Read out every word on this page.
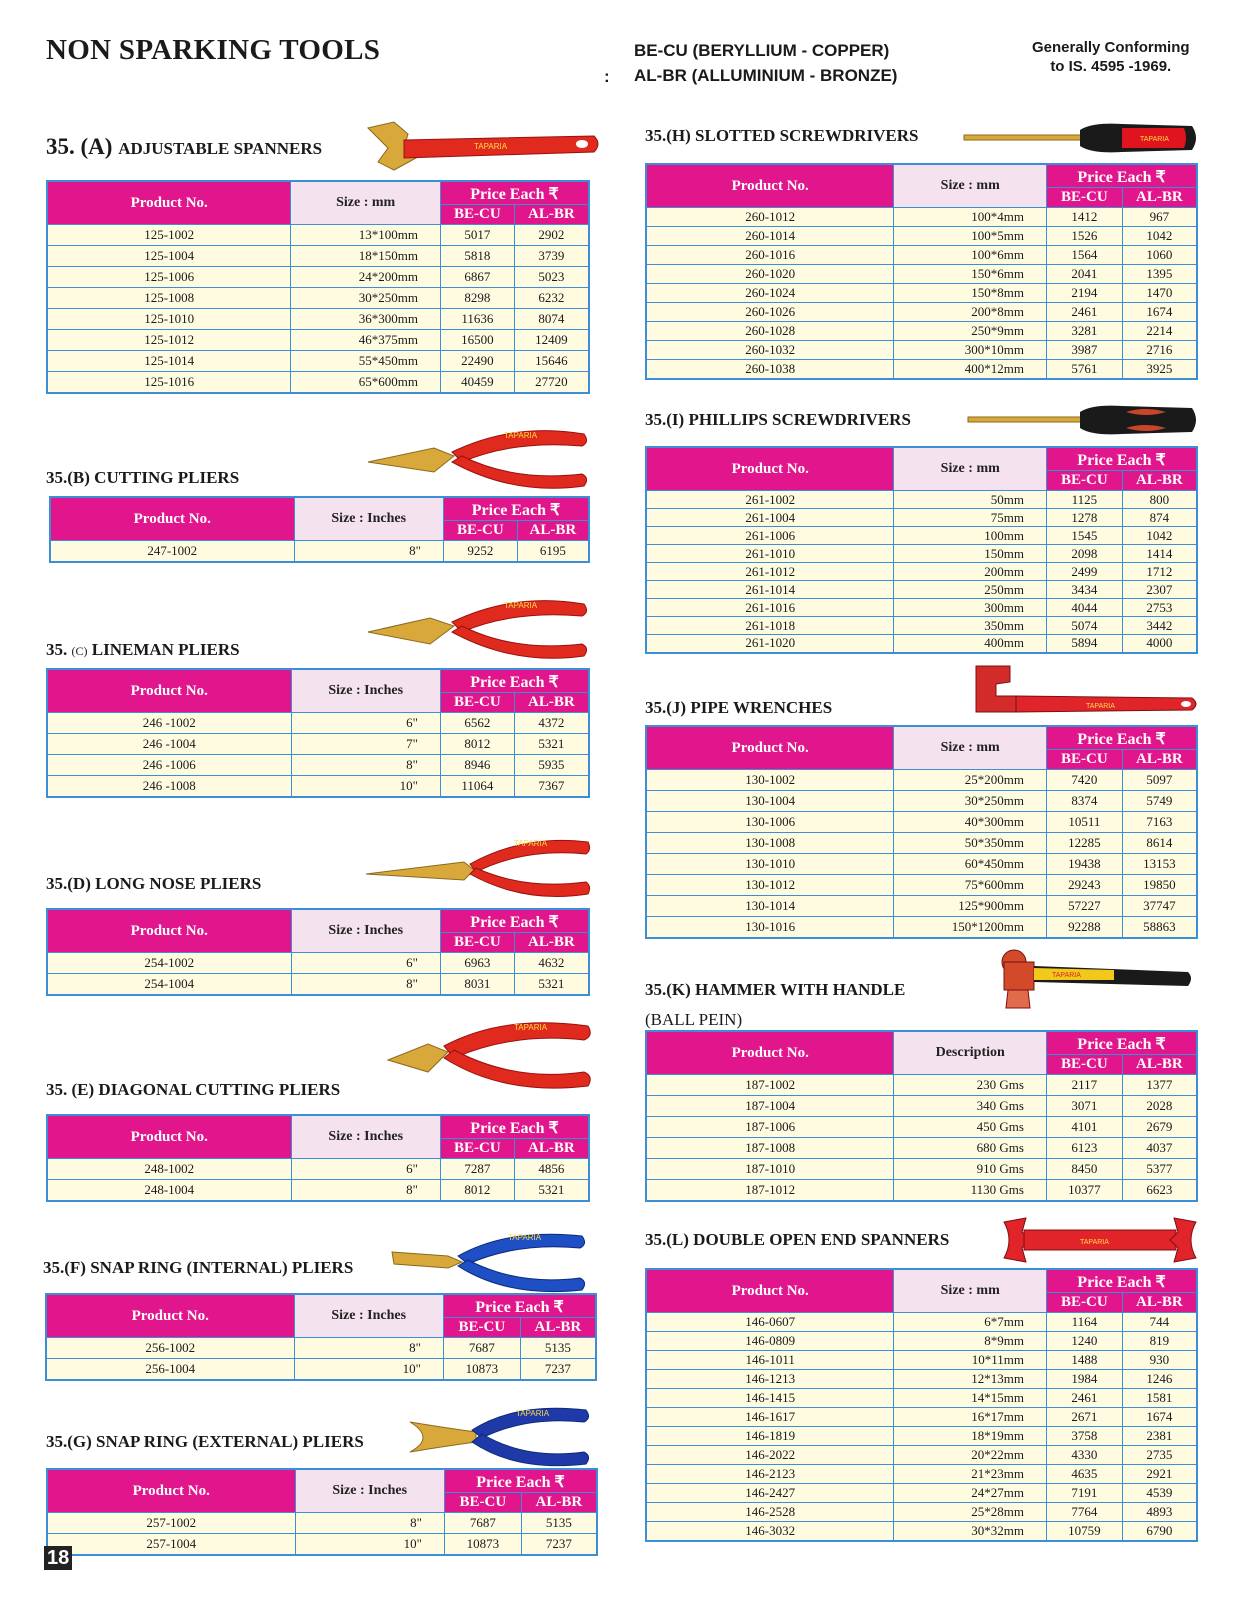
NON SPARKING TOOLS
:
BE-CU (BERYLLIUM - COPPER)
AL-BR (ALLUMINIUM - BRONZE)
Generally Conforming
to IS. 4595 -1969.
35. (A) ADJUSTABLE SPANNERS	TAPARIA
Product No.	Size : mm	Price Each ₹	
		BE-CU	AL-BR
125-1002	13*100mm	5017	2902
125-1004	18*150mm	5818	3739
125-1006	24*200mm	6867	5023
125-1008	30*250mm	8298	6232
125-1010	36*300mm	11636	8074
125-1012	46*375mm	16500	12409
125-1014	55*450mm	22490	15646
125-1016	65*600mm	40459	27720
TAPARIA
35.(B) CUTTING PLIERS
Product No.	Size : Inches	Price Each ₹	
		BE-CU	AL-BR
247-1002	8"	9252	6195
TAPARIA
35. (C) LINEMAN PLIERS
Product No.	Size : Inches	Price Each ₹	
		BE-CU	AL-BR
246 -1002	6"	6562	4372
246 -1004	7"	8012	5321
246 -1006	8"	8946	5935
246 -1008	10"	11064	7367
TAPARIA
35.(D) LONG NOSE PLIERS
Product No.	Size : Inches	Price Each ₹	
		BE-CU	AL-BR
254-1002	6"	6963	4632
254-1004	8"	8031	5321
TAPARIA
35. (E) DIAGONAL CUTTING PLIERS
Product No.	Size : Inches	Price Each ₹	
		BE-CU	AL-BR
248-1002	6"	7287	4856
248-1004	8"	8012	5321
TAPARIA
35.(F) SNAP RING (INTERNAL) PLIERS
Product No.	Size : Inches	Price Each ₹	
		BE-CU	AL-BR
256-1002	8"	7687	5135
256-1004	10"	10873	7237
TAPARIA
35.(G) SNAP RING (EXTERNAL) PLIERS
Product No.	Size : Inches	Price Each ₹	
		BE-CU	AL-BR
257-1002	8"	7687	5135
257-1004	10"	10873	7237
35.(H) SLOTTED SCREWDRIVERS	TAPARIA
Product No.	Size : mm	Price Each ₹	
		BE-CU	AL-BR
260-1012	100*4mm	1412	967
260-1014	100*5mm	1526	1042
260-1016	100*6mm	1564	1060
260-1020	150*6mm	2041	1395
260-1024	150*8mm	2194	1470
260-1026	200*8mm	2461	1674
260-1028	250*9mm	3281	2214
260-1032	300*10mm	3987	2716
260-1038	400*12mm	5761	3925
35.(I) PHILLIPS SCREWDRIVERS
Product No.	Size : mm	Price Each ₹	
		BE-CU	AL-BR
261-1002	50mm	1125	800
261-1004	75mm	1278	874
261-1006	100mm	1545	1042
261-1010	150mm	2098	1414
261-1012	200mm	2499	1712
261-1014	250mm	3434	2307
261-1016	300mm	4044	2753
261-1018	350mm	5074	3442
261-1020	400mm	5894	4000
35.(J) PIPE WRENCHES	TAPARIA
Product No.	Size : mm	Price Each ₹	
		BE-CU	AL-BR
130-1002	25*200mm	7420	5097
130-1004	30*250mm	8374	5749
130-1006	40*300mm	10511	7163
130-1008	50*350mm	12285	8614
130-1010	60*450mm	19438	13153
130-1012	75*600mm	29243	19850
130-1014	125*900mm	57227	37747
130-1016	150*1200mm	92288	58863
35.(K) HAMMER WITH HANDLE
(BALL PEIN)
TAPARIA
Product No.	Description	Price Each ₹	
		BE-CU	AL-BR
187-1002	230 Gms	2117	1377
187-1004	340 Gms	3071	2028
187-1006	450 Gms	4101	2679
187-1008	680 Gms	6123	4037
187-1010	910 Gms	8450	5377
187-1012	1130 Gms	10377	6623
35.(L) DOUBLE OPEN END SPANNERS	TAPARIA
Product No.	Size : mm	Price Each ₹	
		BE-CU	AL-BR
146-0607	6*7mm	1164	744
146-0809	8*9mm	1240	819
146-1011	10*11mm	1488	930
146-1213	12*13mm	1984	1246
146-1415	14*15mm	2461	1581
146-1617	16*17mm	2671	1674
146-1819	18*19mm	3758	2381
146-2022	20*22mm	4330	2735
146-2123	21*23mm	4635	2921
146-2427	24*27mm	7191	4539
146-2528	25*28mm	7764	4893
146-3032	30*32mm	10759	6790
18
